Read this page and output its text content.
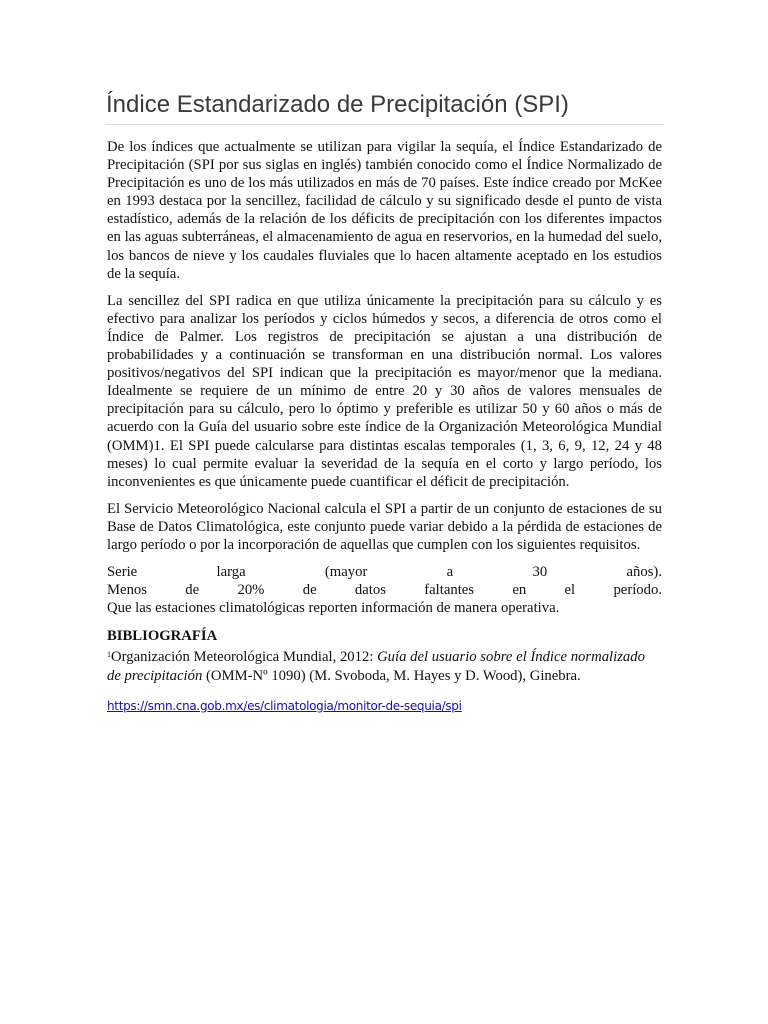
Índice Estandarizado de Precipitación (SPI)

De los índices que actualmente se utilizan para vigilar la sequía, el Índice Estandarizado de Precipitación (SPI por sus siglas en inglés) también conocido como el Índice Normalizado de Precipitación es uno de los más utilizados en más de 70 países. Este índice creado por McKee en 1993 destaca por la sencillez, facilidad de cálculo y su significado desde el punto de vista estadístico, además de la relación de los déficits de precipitación con los diferentes impactos en las aguas subterráneas, el almacenamiento de agua en reservorios, en la humedad del suelo, los bancos de nieve y los caudales fluviales que lo hacen altamente aceptado en los estudios de la sequía.

La sencillez del SPI radica en que utiliza únicamente la precipitación para su cálculo y es efectivo para analizar los períodos y ciclos húmedos y secos, a diferencia de otros como el Índice de Palmer. Los registros de precipitación se ajustan a una distribución de probabilidades y a continuación se transforman en una distribución normal. Los valores positivos/negativos del SPI indican que la precipitación es mayor/menor que la mediana. Idealmente se requiere de un mínimo de entre 20 y 30 años de valores mensuales de precipitación para su cálculo, pero lo óptimo y preferible es utilizar 50 y 60 años o más de acuerdo con la Guía del usuario sobre este índice de la Organización Meteorológica Mundial (OMM)1. El SPI puede calcularse para distintas escalas temporales (1, 3, 6, 9, 12, 24 y 48 meses) lo cual permite evaluar la severidad de la sequía en el corto y largo período, los inconvenientes es que únicamente puede cuantificar el déficit de precipitación.

El Servicio Meteorológico Nacional calcula el SPI a partir de un conjunto de estaciones de su Base de Datos Climatológica, este conjunto puede variar debido a la pérdida de estaciones de largo período o por la incorporación de aquellas que cumplen con los siguientes requisitos.

Serie larga (mayor a 30 años).
Menos de 20% de datos faltantes en el período.
Que las estaciones climatológicas reporten información de manera operativa.
BIBLIOGRAFÍA
$^1$Organización Meteorológica Mundial, 2012: Guía del usuario sobre el Índice normalizado de precipitación (OMM-Nº 1090) (M. Svoboda, M. Hayes y D. Wood), Ginebra.
https://smn.cna.gob.mx/es/climatologia/monitor-de-sequia/spi
